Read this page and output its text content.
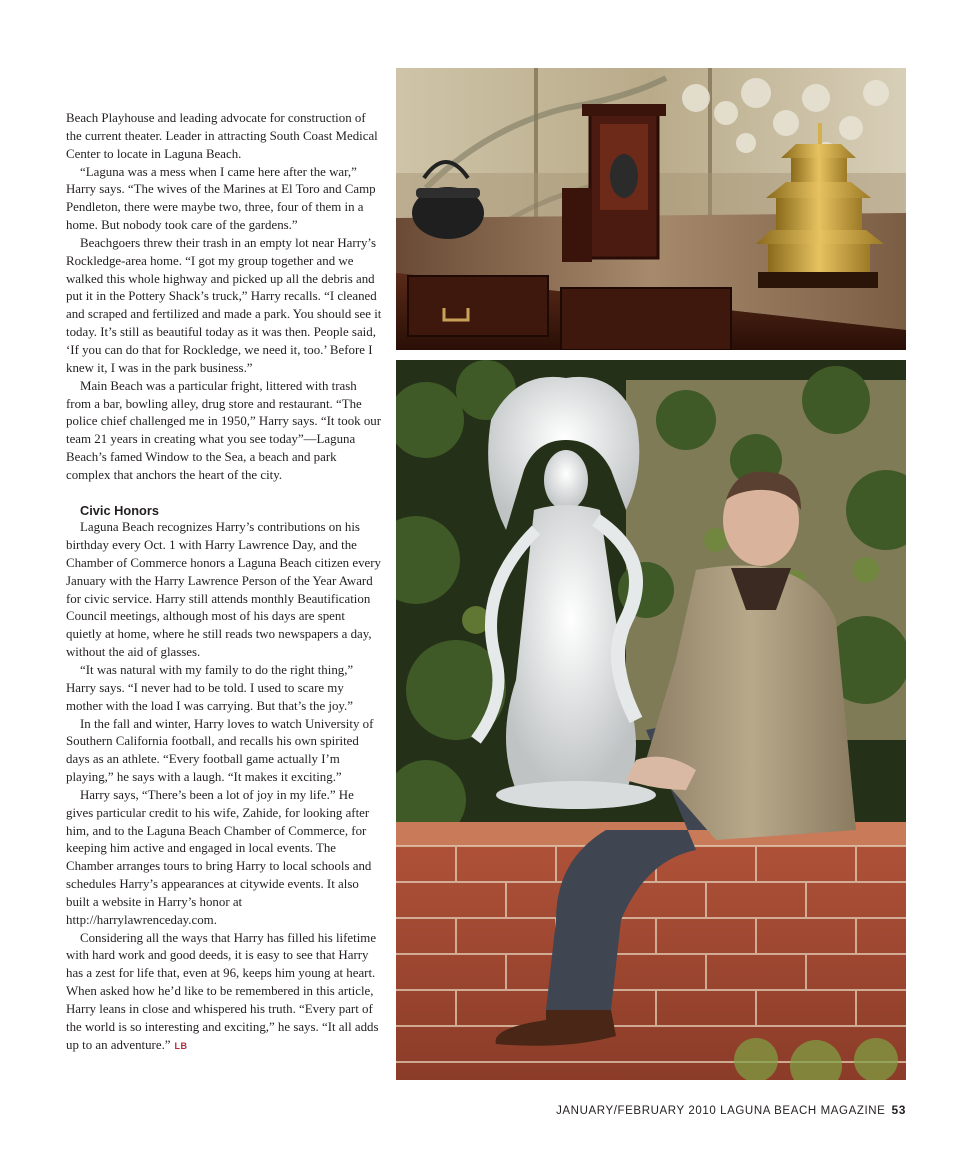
Beach Playhouse and leading advocate for construction of the current theater. Leader in attracting South Coast Medical Center to locate in Laguna Beach.

“Laguna was a mess when I came here after the war,” Harry says. “The wives of the Marines at El Toro and Camp Pendleton, there were maybe two, three, four of them in a home. But nobody took care of the gardens.”

Beachgoers threw their trash in an empty lot near Harry’s Rockledge-area home. “I got my group together and we walked this whole highway and picked up all the debris and put it in the Pottery Shack’s truck,” Harry recalls. “I cleaned and scraped and fertilized and made a park. You should see it today. It’s still as beautiful today as it was then. People said, ‘If you can do that for Rockledge, we need it, too.’ Before I knew it, I was in the park business.”

Main Beach was a particular fright, littered with trash from a bar, bowling alley, drug store and restaurant. “The police chief challenged me in 1950,” Harry says. “It took our team 21 years in creating what you see today”—Laguna Beach’s famed Window to the Sea, a beach and park complex that anchors the heart of the city.

Civic Honors

Laguna Beach recognizes Harry’s contributions on his birthday every Oct. 1 with Harry Lawrence Day, and the Chamber of Commerce honors a Laguna Beach citizen every January with the Harry Lawrence Person of the Year Award for civic service. Harry still attends monthly Beautification Council meetings, although most of his days are spent quietly at home, where he still reads two newspapers a day, without the aid of glasses.

“It was natural with my family to do the right thing,” Harry says. “I never had to be told. I used to scare my mother with the load I was carrying. But that’s the joy.”

In the fall and winter, Harry loves to watch University of Southern California football, and recalls his own spirited days as an athlete. “Every football game actually I’m playing,” he says with a laugh. “It makes it exciting.”

Harry says, “There’s been a lot of joy in my life.” He gives particular credit to his wife, Zahide, for looking after him, and to the Laguna Beach Chamber of Commerce, for keeping him active and engaged in local events. The Chamber arranges tours to bring Harry to local schools and schedules Harry’s appearances at citywide events. It also built a website in Harry’s honor at http://harrylawrenceday.com.

Considering all the ways that Harry has filled his lifetime with hard work and good deeds, it is easy to see that Harry has a zest for life that, even at 96, keeps him young at heart. When asked how he’d like to be remembered in this article, Harry leans in close and whispered his truth. “Every part of the world is so interesting and exciting,” he says. “It all adds up to an adventure.” LB

JANUARY/FEBRUARY 2010 LAGUNA BEACH MAGAZINE 53
